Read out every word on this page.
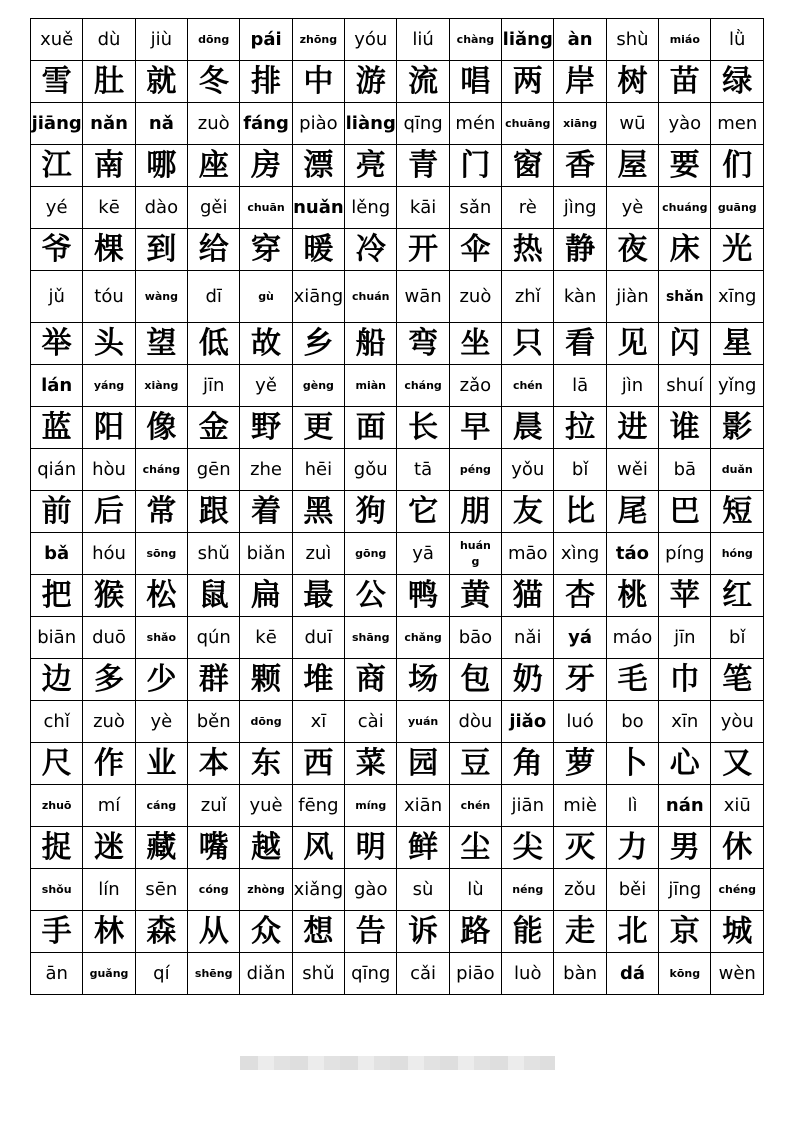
xuě	dù	jiù	dōng	pái	zhōng	yóu	liú	chàng	liǎng	àn	shù	miáo	lǜ
雪	肚	就	冬	排	中	游	流	唱	两	岸	树	苗	绿
jiāng	nǎn	nǎ	zuò	fáng	piào	liàng	qīng	mén	chuāng	xiāng	wū	yào	men
江	南	哪	座	房	漂	亮	青	门	窗	香	屋	要	们
yé	kē	dào	gěi	chuān	nuǎn	lěng	kāi	sǎn	rè	jìng	yè	chuáng	guāng
爷	棵	到	给	穿	暖	冷	开	伞	热	静	夜	床	光
jǔ	tóu	wàng	dī	gù	xiāng	chuán	wān	zuò	zhǐ	kàn	jiàn	shǎn	xīng
举	头	望	低	故	乡	船	弯	坐	只	看	见	闪	星
lán	yáng	xiàng	jīn	yě	gèng	miàn	cháng	zǎo	chén	lā	jìn	shuí	yǐng
蓝	阳	像	金	野	更	面	长	早	晨	拉	进	谁	影
qián	hòu	cháng	gēn	zhe	hēi	gǒu	tā	péng	yǒu	bǐ	wěi	bā	duǎn
前	后	常	跟	着	黑	狗	它	朋	友	比	尾	巴	短
bǎ	hóu	sōng	shǔ	biǎn	zuì	gōng	yā	huáng	māo	xìng	táo	píng	hóng
把	猴	松	鼠	扁	最	公	鸭	黄	猫	杏	桃	苹	红
biān	duō	shǎo	qún	kē	duī	shāng	chǎng	bāo	nǎi	yá	máo	jīn	bǐ
边	多	少	群	颗	堆	商	场	包	奶	牙	毛	巾	笔
chǐ	zuò	yè	běn	dōng	xī	cài	yuán	dòu	jiǎo	luó	bo	xīn	yòu
尺	作	业	本	东	西	菜	园	豆	角	萝	卜	心	又
zhuō	mí	cáng	zuǐ	yuè	fēng	míng	xiān	chén	jiān	miè	lì	nán	xiū
捉	迷	藏	嘴	越	风	明	鲜	尘	尖	灭	力	男	休
shǒu	lín	sēn	cóng	zhòng	xiǎng	gào	sù	lù	néng	zǒu	běi	jīng	chéng
手	林	森	从	众	想	告	诉	路	能	走	北	京	城
ān	guǎng	qí	shēng	diǎn	shǔ	qīng	cǎi	piāo	luò	bàn	dá	kōng	wèn
